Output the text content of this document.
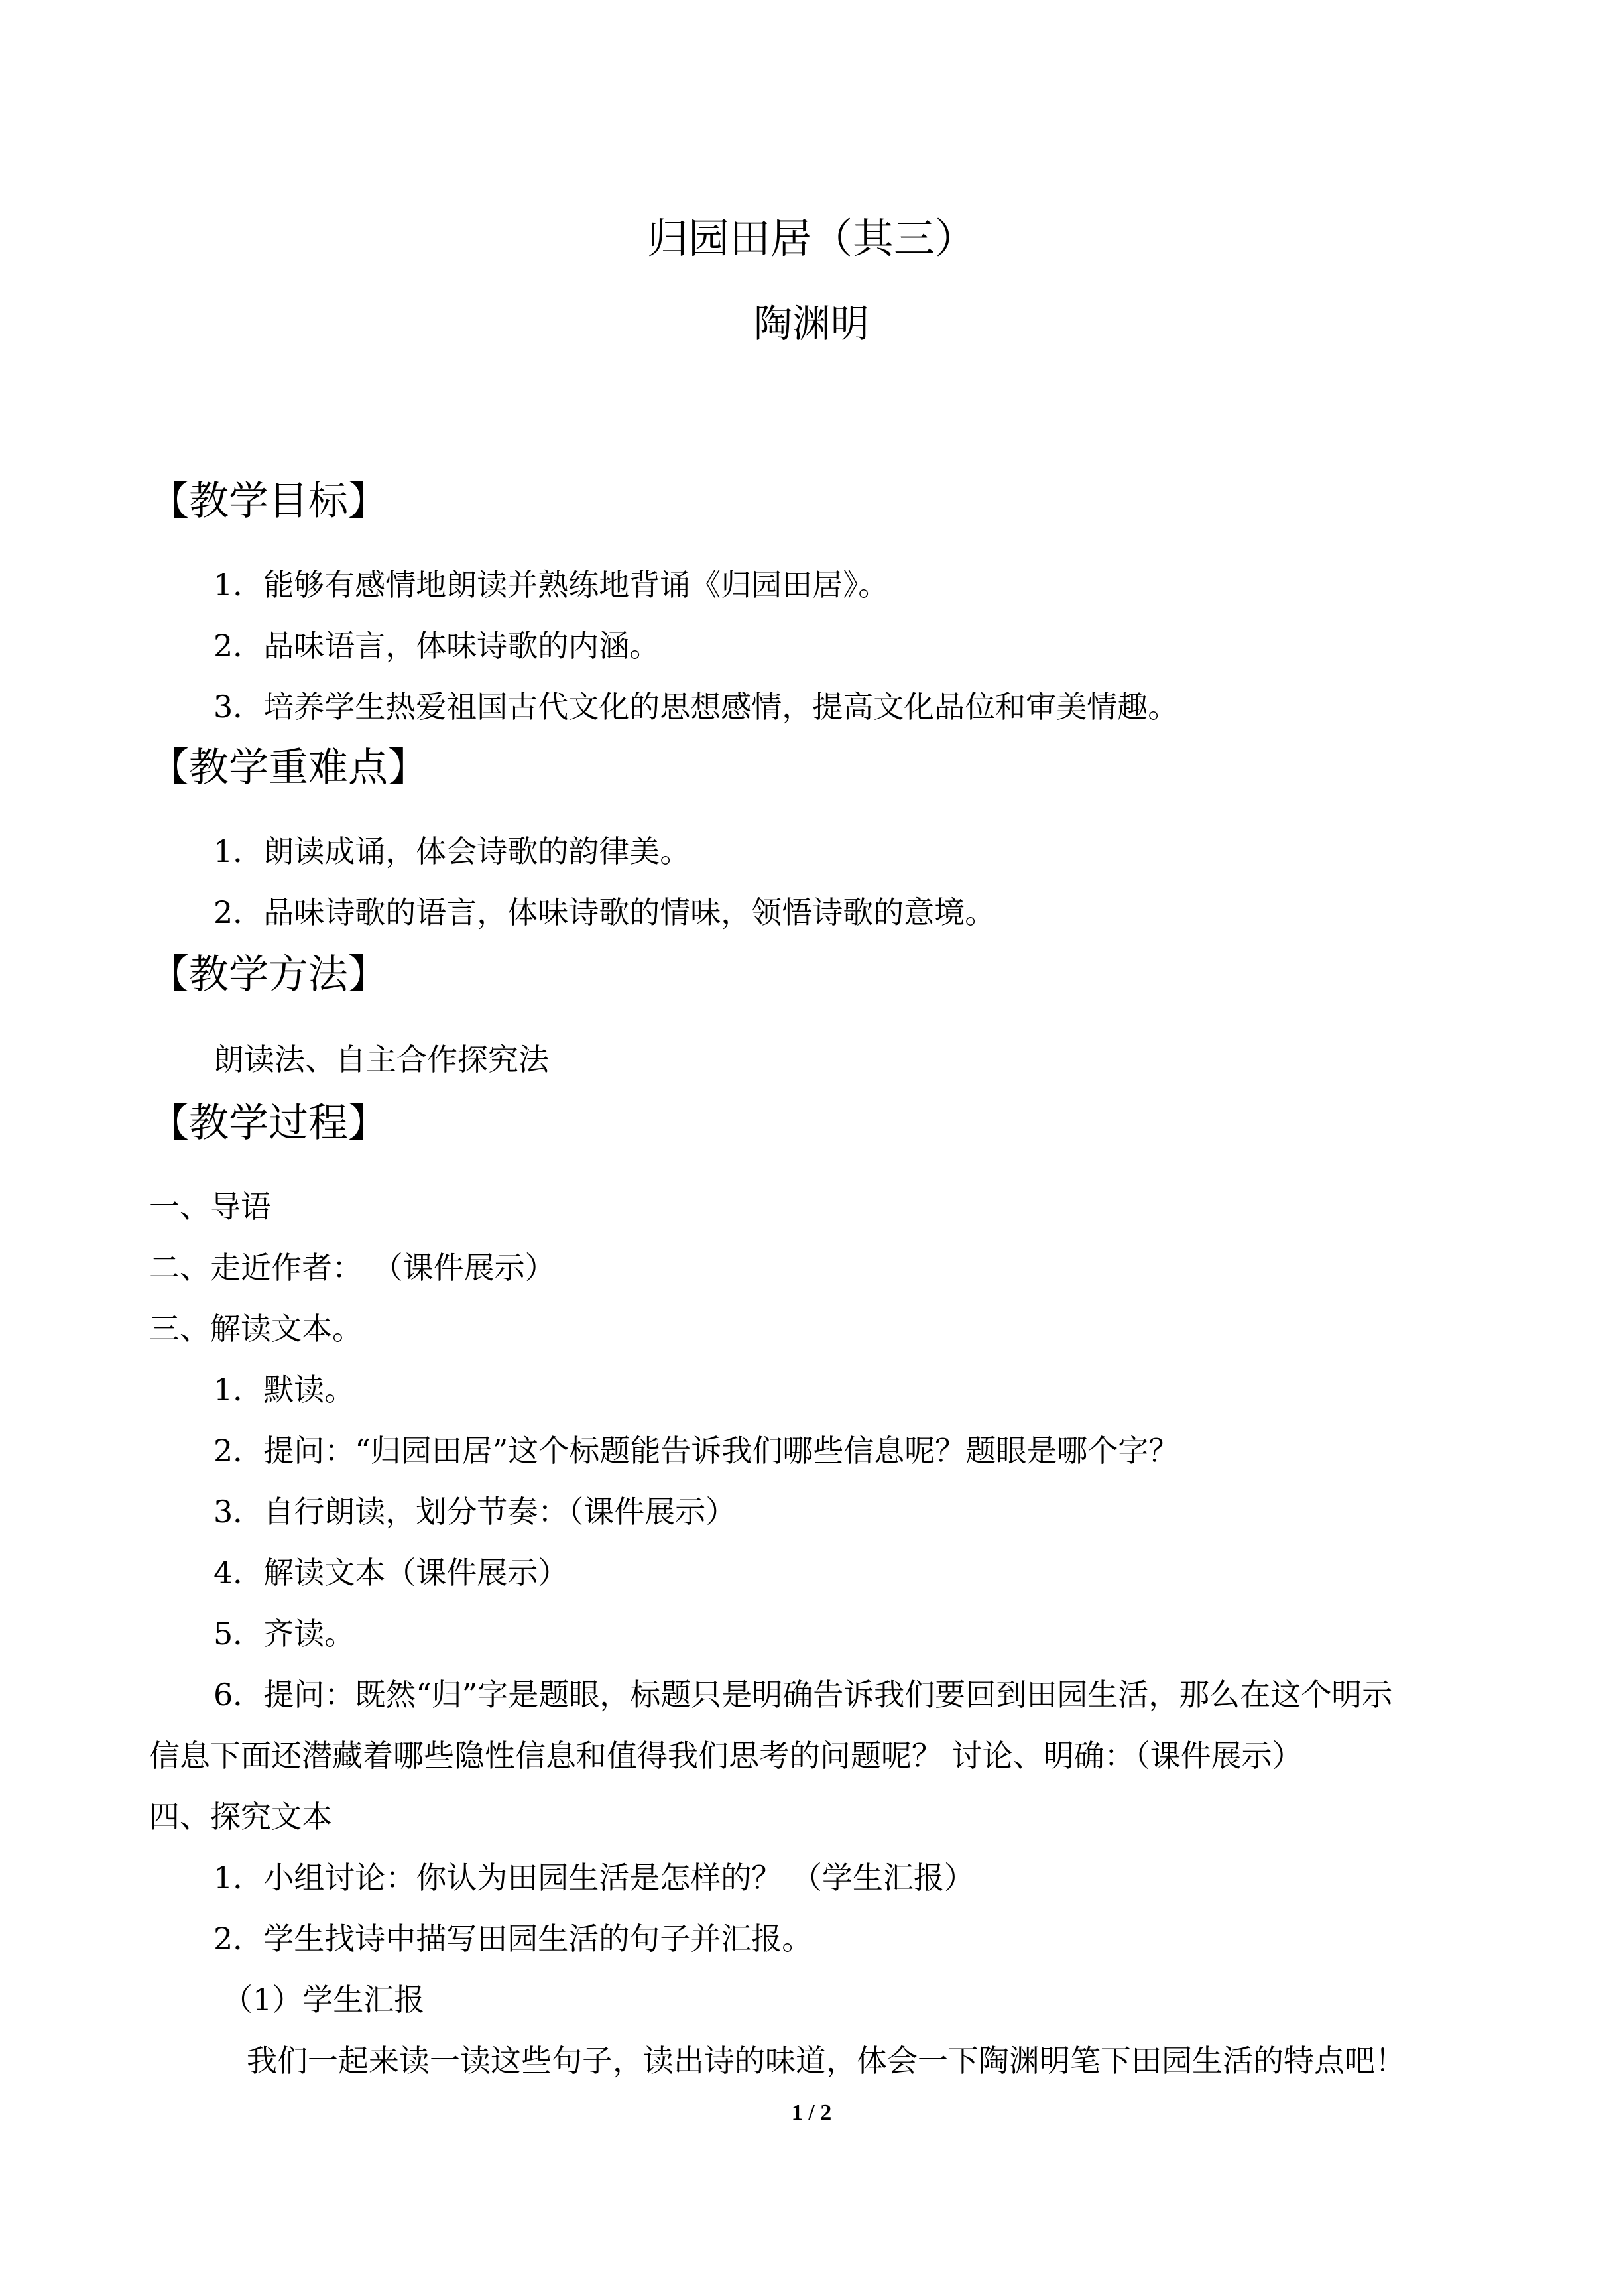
归园田居（其三）
陶渊明
【教学目标】
1．能够有感情地朗读并熟练地背诵《归园田居》。
2．品味语言，体味诗歌的内涵。
3．培养学生热爱祖国古代文化的思想感情，提高文化品位和审美情趣。
【教学重难点】
1．朗读成诵，体会诗歌的韵律美。
2．品味诗歌的语言，体味诗歌的情味，领悟诗歌的意境。
【教学方法】
朗读法、自主合作探究法
【教学过程】
一、导语
二、走近作者： （课件展示）
三、解读文本。
1．默读。
2．提问：“归园田居”这个标题能告诉我们哪些信息呢？题眼是哪个字？
3．自行朗读，划分节奏：（课件展示）
4．解读文本（课件展示）
5．齐读。
6．提问：既然“归”字是题眼，标题只是明确告诉我们要回到田园生活，那么在这个明示
信息下面还潜藏着哪些隐性信息和值得我们思考的问题呢？ 讨论、明确：（课件展示）
四、探究文本
1．小组讨论：你认为田园生活是怎样的？ （学生汇报）
2．学生找诗中描写田园生活的句子并汇报。
（1）学生汇报
我们一起来读一读这些句子，读出诗的味道，体会一下陶渊明笔下田园生活的特点吧！
1 / 2
